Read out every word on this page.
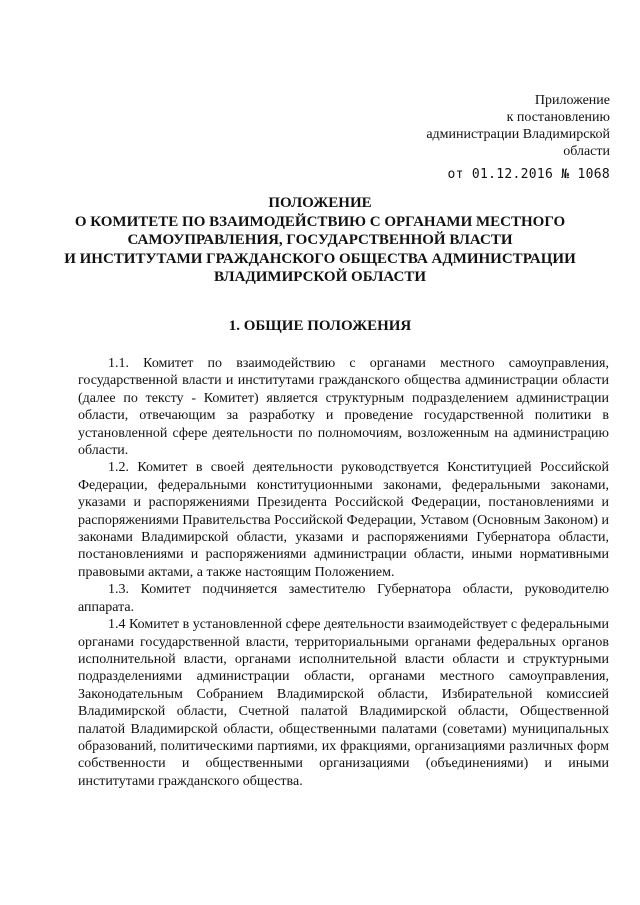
Приложение
к постановлению
администрации Владимирской
области
от 01.12.2016 № 1068
ПОЛОЖЕНИЕ
О КОМИТЕТЕ ПО ВЗАИМОДЕЙСТВИЮ С ОРГАНАМИ МЕСТНОГО
САМОУПРАВЛЕНИЯ, ГОСУДАРСТВЕННОЙ ВЛАСТИ
И ИНСТИТУТАМИ ГРАЖДАНСКОГО ОБЩЕСТВА АДМИНИСТРАЦИИ
ВЛАДИМИРСКОЙ ОБЛАСТИ
1. ОБЩИЕ ПОЛОЖЕНИЯ

1.1. Комитет по взаимодействию с органами местного самоуправления, государственной власти и институтами гражданского общества администрации области (далее по тексту - Комитет) является структурным подразделением администрации области, отвечающим за разработку и проведение государственной политики в установленной сфере деятельности по полномочиям, возложенным на администрацию области.

1.2. Комитет в своей деятельности руководствуется Конституцией Российской Федерации, федеральными конституционными законами, федеральными законами, указами и распоряжениями Президента Российской Федерации, постановлениями и распоряжениями Правительства Российской Федерации, Уставом (Основным Законом) и законами Владимирской области, указами и распоряжениями Губернатора области, постановлениями и распоряжениями администрации области, иными нормативными правовыми актами, а также настоящим Положением.

1.3. Комитет подчиняется заместителю Губернатора области, руководителю аппарата.

1.4 Комитет в установленной сфере деятельности взаимодействует с федеральными органами государственной власти, территориальными органами федеральных органов исполнительной власти, органами исполнительной власти области и структурными подразделениями администрации области, органами местного самоуправления, Законодательным Собранием Владимирской области, Избирательной комиссией Владимирской области, Счетной палатой Владимирской области, Общественной палатой Владимирской области, общественными палатами (советами) муниципальных образований, политическими партиями, их фракциями, организациями различных форм собственности и общественными организациями (объединениями) и иными институтами гражданского общества.
